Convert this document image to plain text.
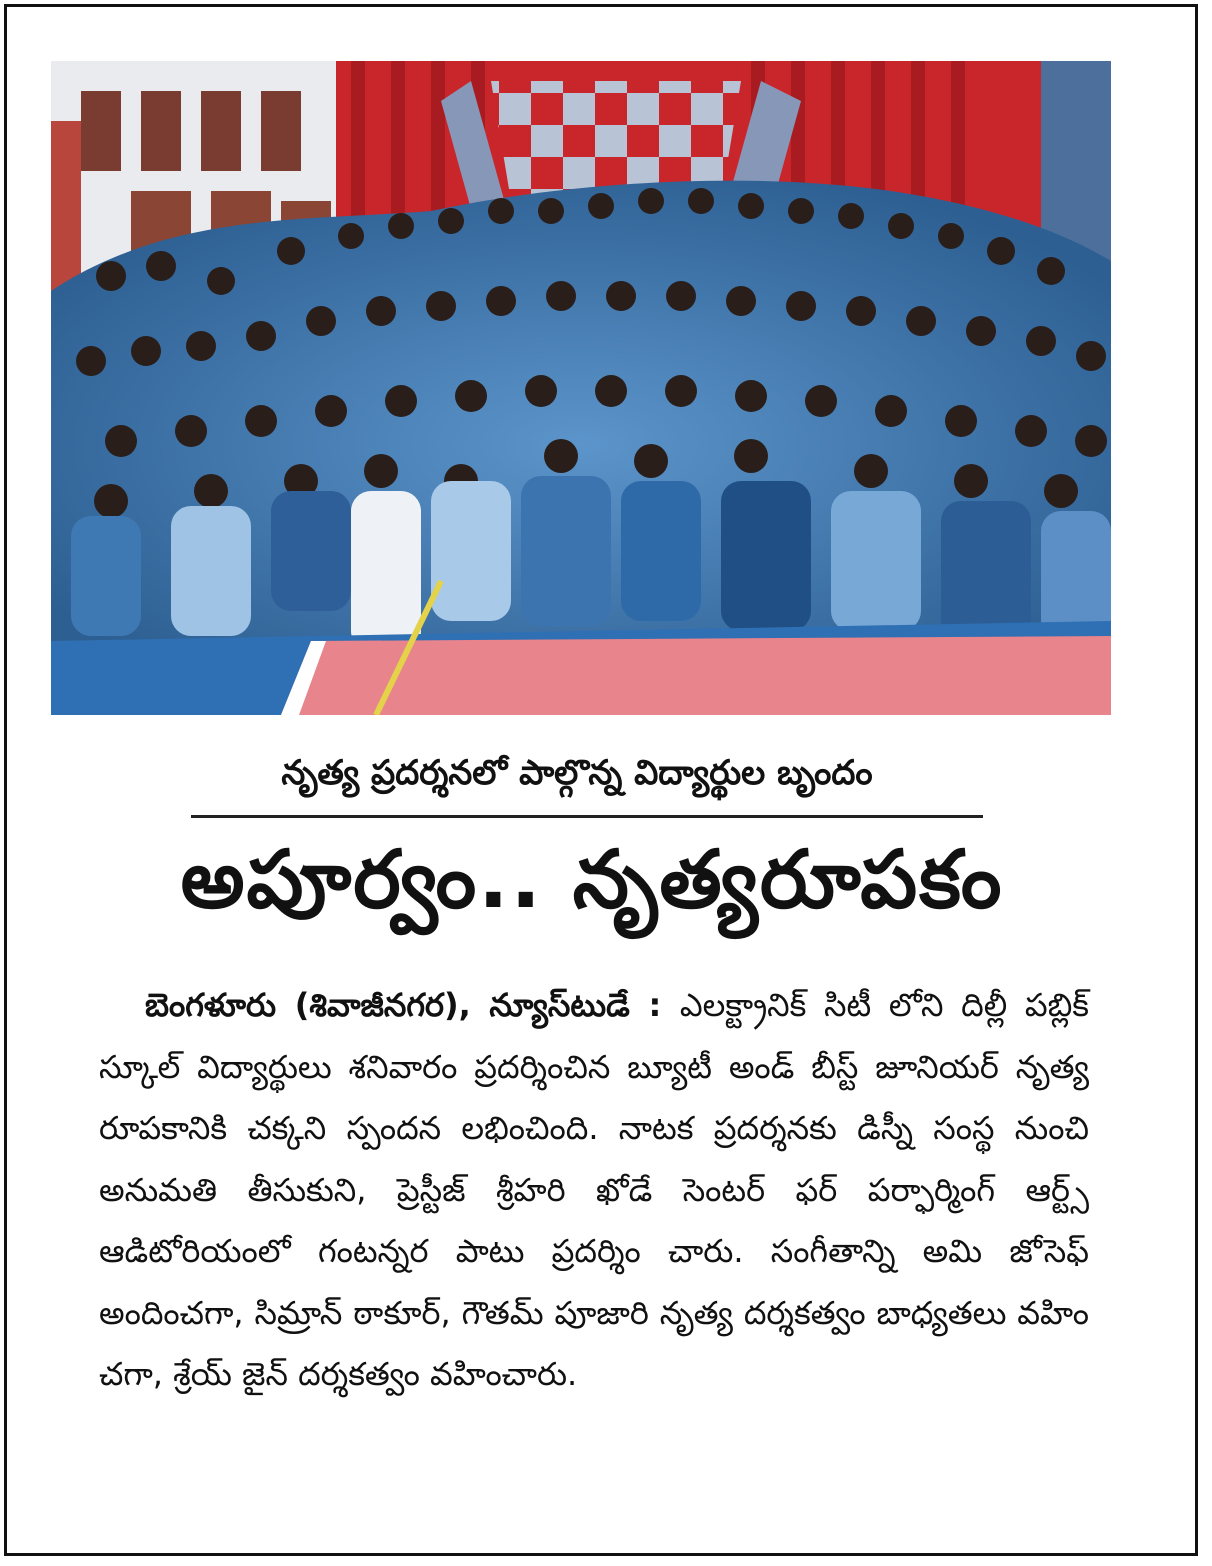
నృత్య ప్రదర్శనలో పాల్గొన్న విద్యార్థుల బృందం
అపూర్వం.. నృత్యరూపకం
బెంగళూరు (శివాజీనగర), న్యూస్‌టుడే : ఎలక్ట్రానిక్ సిటీ లోని దిల్లీ పబ్లిక్ స్కూల్ విద్యార్థులు శనివారం ప్రదర్శించిన బ్యూటీ అండ్ బీస్ట్ జూనియర్ నృత్య రూపకానికి చక్కని స్పందన లభించింది. నాటక ప్రదర్శనకు డిస్నీ సంస్థ నుంచి అనుమతి తీసుకుని, ప్రెస్టీజ్ శ్రీహరి ఖోడే సెంటర్ ఫర్ పర్ఫార్మింగ్ ఆర్ట్స్ ఆడిటోరియంలో గంటన్నర పాటు ప్రదర్శిం చారు. సంగీతాన్ని అమి జోసెఫ్ అందించగా, సిమ్రాన్ ఠాకూర్, గౌతమ్ పూజారి నృత్య దర్శకత్వం బాధ్యతలు వహిం చగా, శ్రేయ్ జైన్ దర్శకత్వం వహించారు.
